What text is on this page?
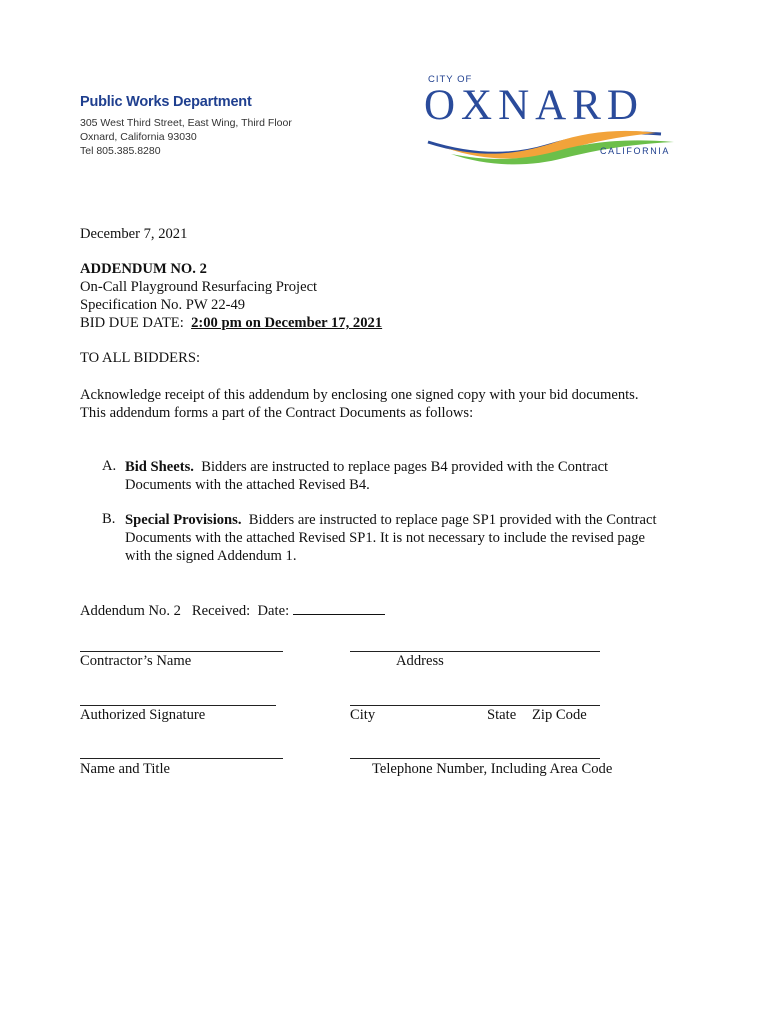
Public Works Department

305 West Third Street, East Wing, Third Floor

Oxnard, California 93030

Tel 805.385.8280

CITY OF
OXNARD
CALIFORNIA

December 7, 2021

ADDENDUM NO. 2

On-Call Playground Resurfacing Project

Specification No. PW 22-49

BID DUE DATE: 2:00 pm on December 17, 2021

TO ALL BIDDERS:

Acknowledge receipt of this addendum by enclosing one signed copy with your bid documents.

This addendum forms a part of the Contract Documents as follows:

A. Bid Sheets. Bidders are instructed to replace pages B4 provided with the Contract Documents with the attached Revised B4.
B. Special Provisions. Bidders are instructed to replace page SP1 provided with the Contract Documents with the attached Revised SP1. It is not necessary to include the revised page with the signed Addendum 1.

Addendum No. 2   Received:  Date:

Contractor’s Name	Address
Authorized Signature	City	State Zip Code
Name and Title	Telephone Number, Including Area Code
